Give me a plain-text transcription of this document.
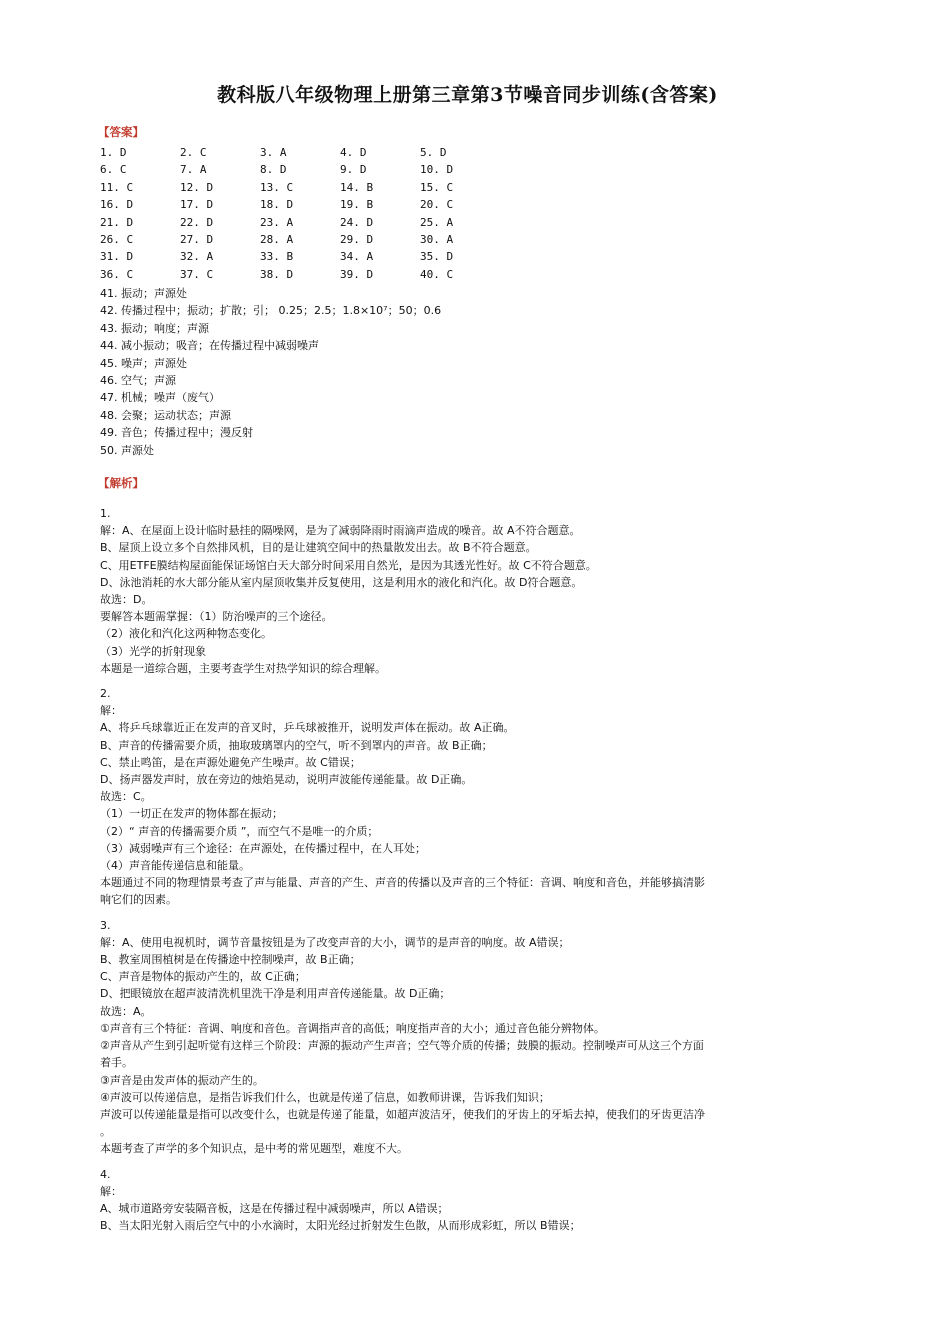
教科版八年级物理上册第三章第3节噪音同步训练(含答案)
【答案】
1. D	2. C	3. A	4. D	5. D
6. C	7. A	8. D	9. D	10. D
11. C	12. D	13. C	14. B	15. C
16. D	17. D	18. D	19. B	20. C
21. D	22. D	23. A	24. D	25. A
26. C	27. D	28. A	29. D	30. A
31. D	32. A	33. B	34. A	35. D
36. C	37. C	38. D	39. D	40. C
41. 振动；声源处
42. 传播过程中；振动；扩散；引； 0.25；2.5；1.8×10⁷；50；0.6
43. 振动；响度；声源
44. 减小振动；吸音；在传播过程中减弱噪声
45. 噪声；声源处
46. 空气；声源
47. 机械；噪声（废气）
48. 会聚；运动状态；声源
49. 音色；传播过程中；漫反射
50. 声源处
【解析】
1.
解：A、在屋面上设计临时悬挂的隔噪网，是为了减弱降雨时雨滴声造成的噪音。故 A不符合题意。
B、屋顶上设立多个自然排风机，目的是让建筑空间中的热量散发出去。故 B不符合题意。
C、用ETFE膜结构屋面能保证场馆白天大部分时间采用自然光，是因为其透光性好。故 C不符合题意。
D、泳池消耗的水大部分能从室内屋顶收集并反复使用，这是利用水的液化和汽化。故 D符合题意。
故选：D。
要解答本题需掌握：（1）防治噪声的三个途径。
（2）液化和汽化这两种物态变化。
（3）光学的折射现象
本题是一道综合题，主要考查学生对热学知识的综合理解。
2.
解：
A、将乒乓球靠近正在发声的音叉时，乒乓球被推开，说明发声体在振动。故 A正确。
B、声音的传播需要介质，抽取玻璃罩内的空气，听不到罩内的声音。故 B正确；
C、禁止鸣笛，是在声源处避免产生噪声。故 C错误；
D、扬声器发声时，放在旁边的烛焰晃动，说明声波能传递能量。故 D正确。
故选：C。
（1）一切正在发声的物体都在振动；
（2）“ 声音的传播需要介质 ”，而空气不是唯一的介质；
（3）减弱噪声有三个途径：在声源处，在传播过程中，在人耳处；
（4）声音能传递信息和能量。
本题通过不同的物理情景考查了声与能量、声音的产生、声音的传播以及声音的三个特征：音调、响度和音色，并能够搞清影
响它们的因素。
3.
解：A、使用电视机时，调节音量按钮是为了改变声音的大小，调节的是声音的响度。故 A错误；
B、教室周围植树是在传播途中控制噪声，故 B正确；
C、声音是物体的振动产生的，故 C正确；
D、把眼镜放在超声波清洗机里洗干净是利用声音传递能量。故 D正确；
故选：A。
①声音有三个特征：音调、响度和音色。音调指声音的高低；响度指声音的大小；通过音色能分辨物体。
②声音从产生到引起听觉有这样三个阶段：声源的振动产生声音；空气等介质的传播；鼓膜的振动。控制噪声可从这三个方面
着手。
③声音是由发声体的振动产生的。
④声波可以传递信息，是指告诉我们什么，也就是传递了信息，如教师讲课，告诉我们知识；
声波可以传递能量是指可以改变什么，也就是传递了能量，如超声波洁牙，使我们的牙齿上的牙垢去掉，使我们的牙齿更洁净
。
本题考查了声学的多个知识点，是中考的常见题型，难度不大。
4.
解：
A、城市道路旁安装隔音板，这是在传播过程中减弱噪声，所以 A错误；
B、当太阳光射入雨后空气中的小水滴时，太阳光经过折射发生色散，从而形成彩虹，所以 B错误；
